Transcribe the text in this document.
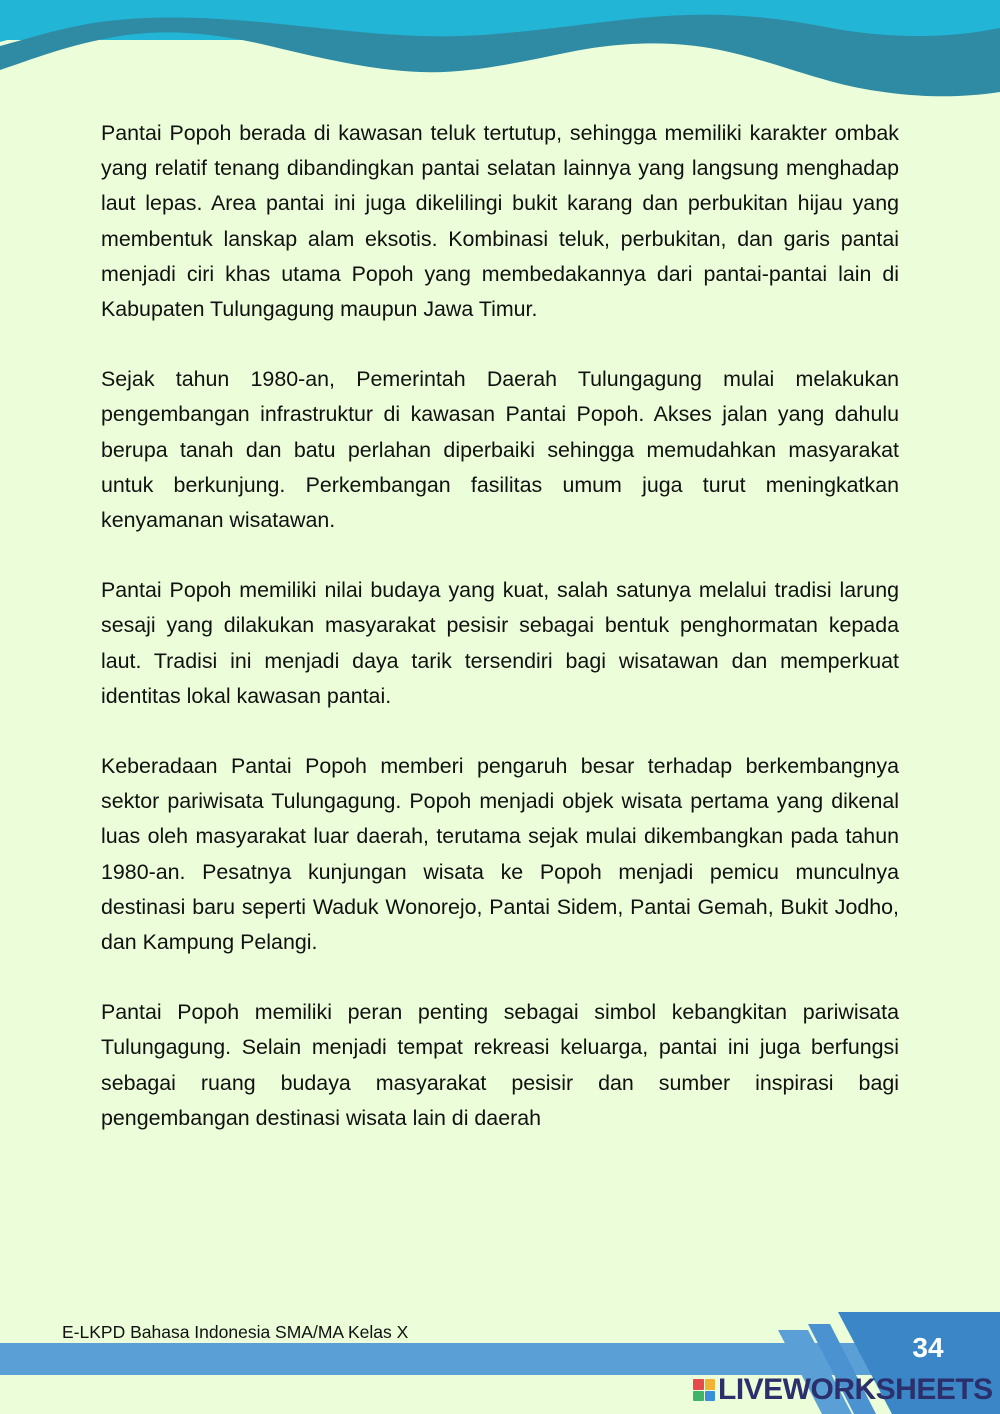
Pantai Popoh berada di kawasan teluk tertutup, sehingga memiliki karakter ombak yang relatif tenang dibandingkan pantai selatan lainnya yang langsung menghadap laut lepas. Area pantai ini juga dikelilingi bukit karang dan perbukitan hijau yang membentuk lanskap alam eksotis. Kombinasi teluk, perbukitan, dan garis pantai menjadi ciri khas utama Popoh yang membedakannya dari pantai-pantai lain di Kabupaten Tulungagung maupun Jawa Timur.

Sejak tahun 1980-an, Pemerintah Daerah Tulungagung mulai melakukan pengembangan infrastruktur di kawasan Pantai Popoh. Akses jalan yang dahulu berupa tanah dan batu perlahan diperbaiki sehingga memudahkan masyarakat untuk berkunjung. Perkembangan fasilitas umum juga turut meningkatkan kenyamanan wisatawan.

Pantai Popoh memiliki nilai budaya yang kuat, salah satunya melalui tradisi larung sesaji yang dilakukan masyarakat pesisir sebagai bentuk penghormatan kepada laut. Tradisi ini menjadi daya tarik tersendiri bagi wisatawan dan memperkuat identitas lokal kawasan pantai.

Keberadaan Pantai Popoh memberi pengaruh besar terhadap berkembangnya sektor pariwisata Tulungagung. Popoh menjadi objek wisata pertama yang dikenal luas oleh masyarakat luar daerah, terutama sejak mulai dikembangkan pada tahun 1980-an. Pesatnya kunjungan wisata ke Popoh menjadi pemicu munculnya destinasi baru seperti Waduk Wonorejo, Pantai Sidem, Pantai Gemah, Bukit Jodho, dan Kampung Pelangi.

Pantai Popoh memiliki peran penting sebagai simbol kebangkitan pariwisata Tulungagung. Selain menjadi tempat rekreasi keluarga, pantai ini juga berfungsi sebagai ruang budaya masyarakat pesisir dan sumber inspirasi bagi pengembangan destinasi wisata lain di daerah

E-LKPD Bahasa Indonesia SMA/MA Kelas X	34
LIVEWORKSHEETS
